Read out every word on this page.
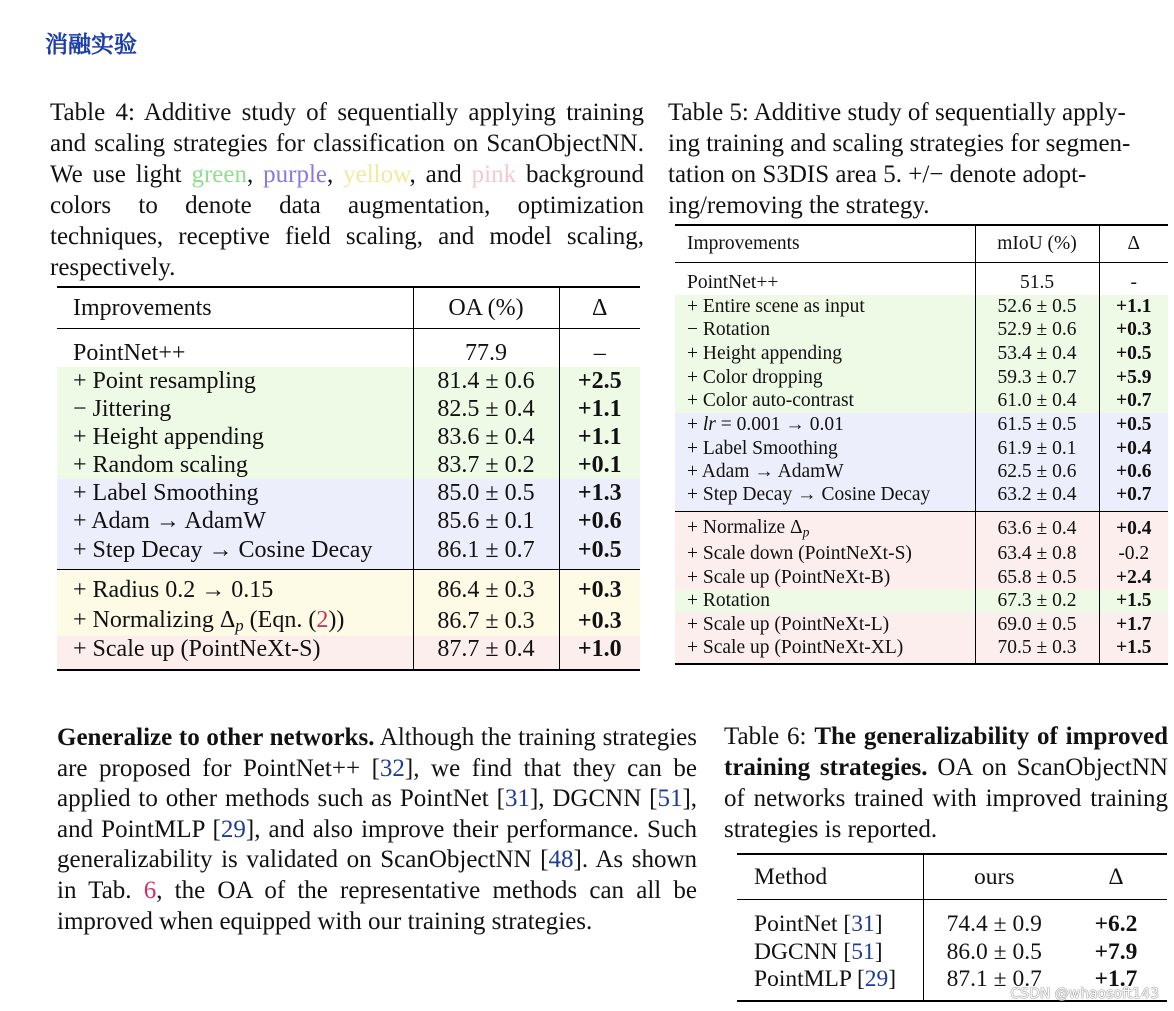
消融实验
Table 4: Additive study of sequentially applying training and scaling strategies for classification on ScanObjectNN. We use light green, purple, yellow, and pink background colors to denote data augmentation, optimization techniques, receptive field scaling, and model scaling, respectively.
Improvements	OA (%)	Δ
PointNet++	77.9	–
+ Point resampling	81.4 ± 0.6	+2.5
− Jittering	82.5 ± 0.4	+1.1
+ Height appending	83.6 ± 0.4	+1.1
+ Random scaling	83.7 ± 0.2	+0.1
+ Label Smoothing	85.0 ± 0.5	+1.3
+ Adam → AdamW	85.6 ± 0.1	+0.6
+ Step Decay → Cosine Decay	86.1 ± 0.7	+0.5
+ Radius 0.2 → 0.15	86.4 ± 0.3	+0.3
+ Normalizing $\Delta_p$ (Eqn. (2))	86.7 ± 0.3	+0.3
+ Scale up (PointNeXt-S)	87.7 ± 0.4	+1.0
Table 5: Additive study of sequentially apply-
ing training and scaling strategies for segmen-
tation on S3DIS area 5. +/− denote adopt-
ing/removing the strategy.
Improvements	mIoU (%)	Δ
PointNet++	51.5	-
+ Entire scene as input	52.6 ± 0.5	+1.1
− Rotation	52.9 ± 0.6	+0.3
+ Height appending	53.4 ± 0.4	+0.5
+ Color dropping	59.3 ± 0.7	+5.9
+ Color auto-contrast	61.0 ± 0.4	+0.7
+ lr = 0.001 → 0.01	61.5 ± 0.5	+0.5
+ Label Smoothing	61.9 ± 0.1	+0.4
+ Adam → AdamW	62.5 ± 0.6	+0.6
+ Step Decay → Cosine Decay	63.2 ± 0.4	+0.7
+ Normalize $\Delta_p$	63.6 ± 0.4	+0.4
+ Scale down (PointNeXt-S)	63.4 ± 0.8	-0.2
+ Scale up (PointNeXt-B)	65.8 ± 0.5	+2.4
+ Rotation	67.3 ± 0.2	+1.5
+ Scale up (PointNeXt-L)	69.0 ± 0.5	+1.7
+ Scale up (PointNeXt-XL)	70.5 ± 0.3	+1.5
Generalize to other networks. Although the training strategies are proposed for PointNet++ [32], we find that they can be applied to other methods such as PointNet [31], DGCNN [51], and PointMLP [29], and also improve their performance. Such generalizability is validated on ScanObjectNN [48]. As shown in Tab. 6, the OA of the representative methods can all be improved when equipped with our training strategies.
Table 6: The generalizability of improved training strategies. OA on ScanObjectNN of networks trained with improved training strategies is reported.
Method	ours	Δ
PointNet [31]	74.4 ± 0.9	+6.2
DGCNN [51]	86.0 ± 0.5	+7.9
PointMLP [29]	87.1 ± 0.7	+1.7
CSDN @whaosoft143
